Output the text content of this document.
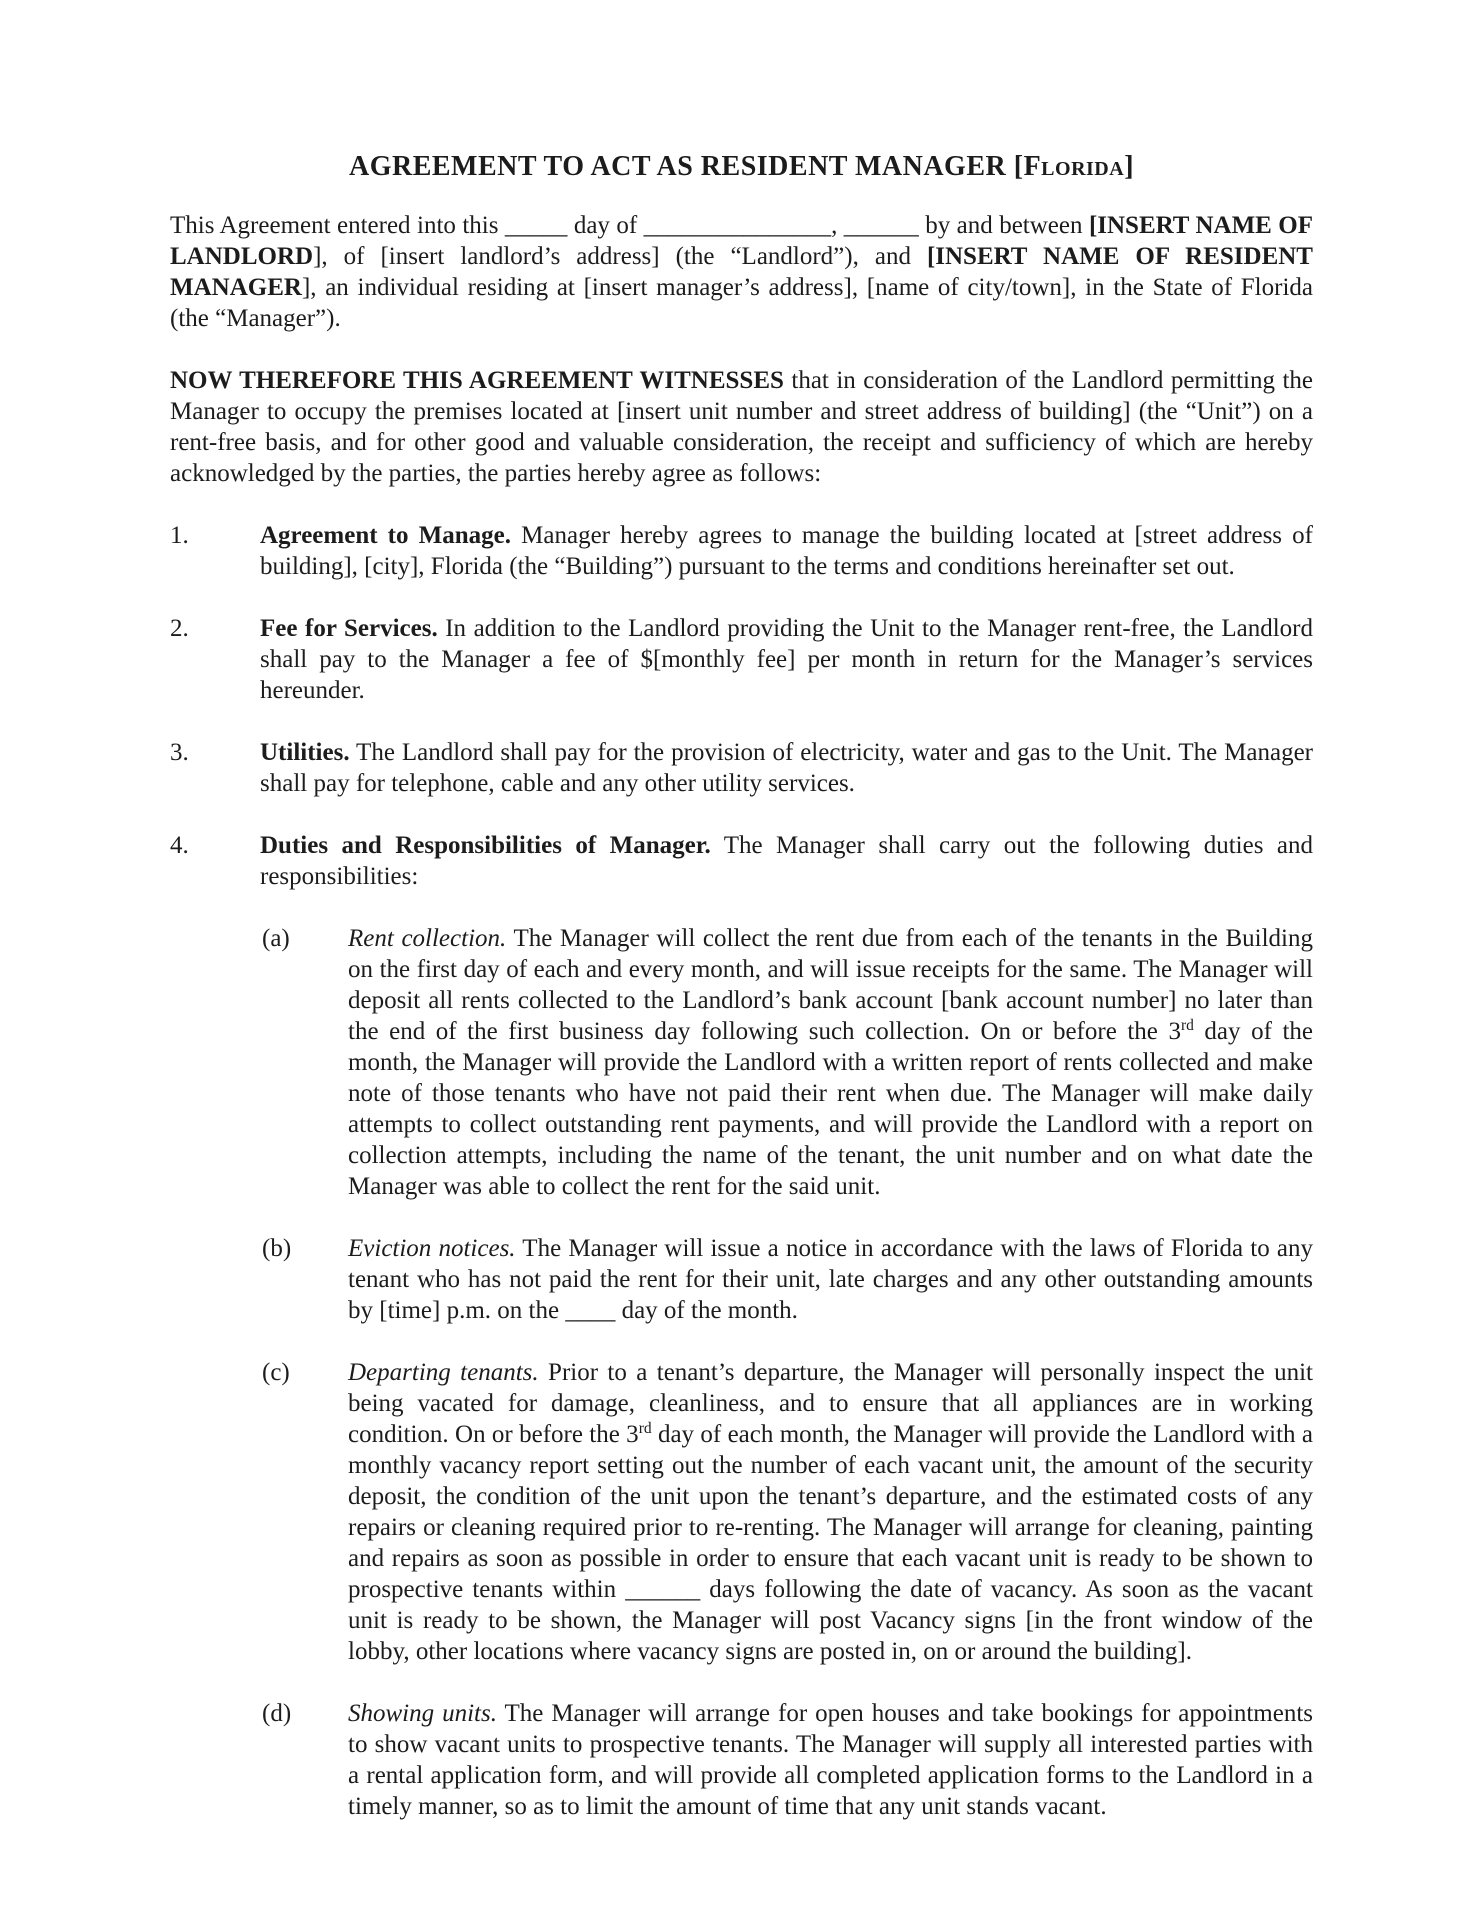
AGREEMENT TO ACT AS RESIDENT MANAGER [Florida]

This Agreement entered into this _____ day of _______________, ______ by and between [INSERT NAME OF LANDLORD], of [insert landlord’s address] (the “Landlord”), and [INSERT NAME OF RESIDENT MANAGER], an individual residing at [insert manager’s address], [name of city/town], in the State of Florida (the “Manager”).

NOW THEREFORE THIS AGREEMENT WITNESSES that in consideration of the Landlord permitting the Manager to occupy the premises located at [insert unit number and street address of building] (the “Unit”) on a rent-free basis, and for other good and valuable consideration, the receipt and sufficiency of which are hereby acknowledged by the parties, the parties hereby agree as follows:

1.	Agreement to Manage. Manager hereby agrees to manage the building located at [street address of building], [city], Florida (the “Building”) pursuant to the terms and conditions hereinafter set out.

2.	Fee for Services. In addition to the Landlord providing the Unit to the Manager rent-free, the Landlord shall pay to the Manager a fee of $[monthly fee] per month in return for the Manager’s services hereunder.

3.	Utilities. The Landlord shall pay for the provision of electricity, water and gas to the Unit. The Manager shall pay for telephone, cable and any other utility services.

4.	Duties and Responsibilities of Manager. The Manager shall carry out the following duties and responsibilities:

(a)	Rent collection. The Manager will collect the rent due from each of the tenants in the Building on the first day of each and every month, and will issue receipts for the same. The Manager will deposit all rents collected to the Landlord’s bank account [bank account number] no later than the end of the first business day following such collection. On or before the 3rd day of the month, the Manager will provide the Landlord with a written report of rents collected and make note of those tenants who have not paid their rent when due. The Manager will make daily attempts to collect outstanding rent payments, and will provide the Landlord with a report on collection attempts, including the name of the tenant, the unit number and on what date the Manager was able to collect the rent for the said unit.

(b)	Eviction notices. The Manager will issue a notice in accordance with the laws of Florida to any tenant who has not paid the rent for their unit, late charges and any other outstanding amounts by [time] p.m. on the ____ day of the month.

(c)	Departing tenants. Prior to a tenant’s departure, the Manager will personally inspect the unit being vacated for damage, cleanliness, and to ensure that all appliances are in working condition. On or before the 3rd day of each month, the Manager will provide the Landlord with a monthly vacancy report setting out the number of each vacant unit, the amount of the security deposit, the condition of the unit upon the tenant’s departure, and the estimated costs of any repairs or cleaning required prior to re-renting. The Manager will arrange for cleaning, painting and repairs as soon as possible in order to ensure that each vacant unit is ready to be shown to prospective tenants within ______ days following the date of vacancy. As soon as the vacant unit is ready to be shown, the Manager will post Vacancy signs [in the front window of the lobby, other locations where vacancy signs are posted in, on or around the building].

(d)	Showing units. The Manager will arrange for open houses and take bookings for appointments to show vacant units to prospective tenants. The Manager will supply all interested parties with a rental application form, and will provide all completed application forms to the Landlord in a timely manner, so as to limit the amount of time that any unit stands vacant.
